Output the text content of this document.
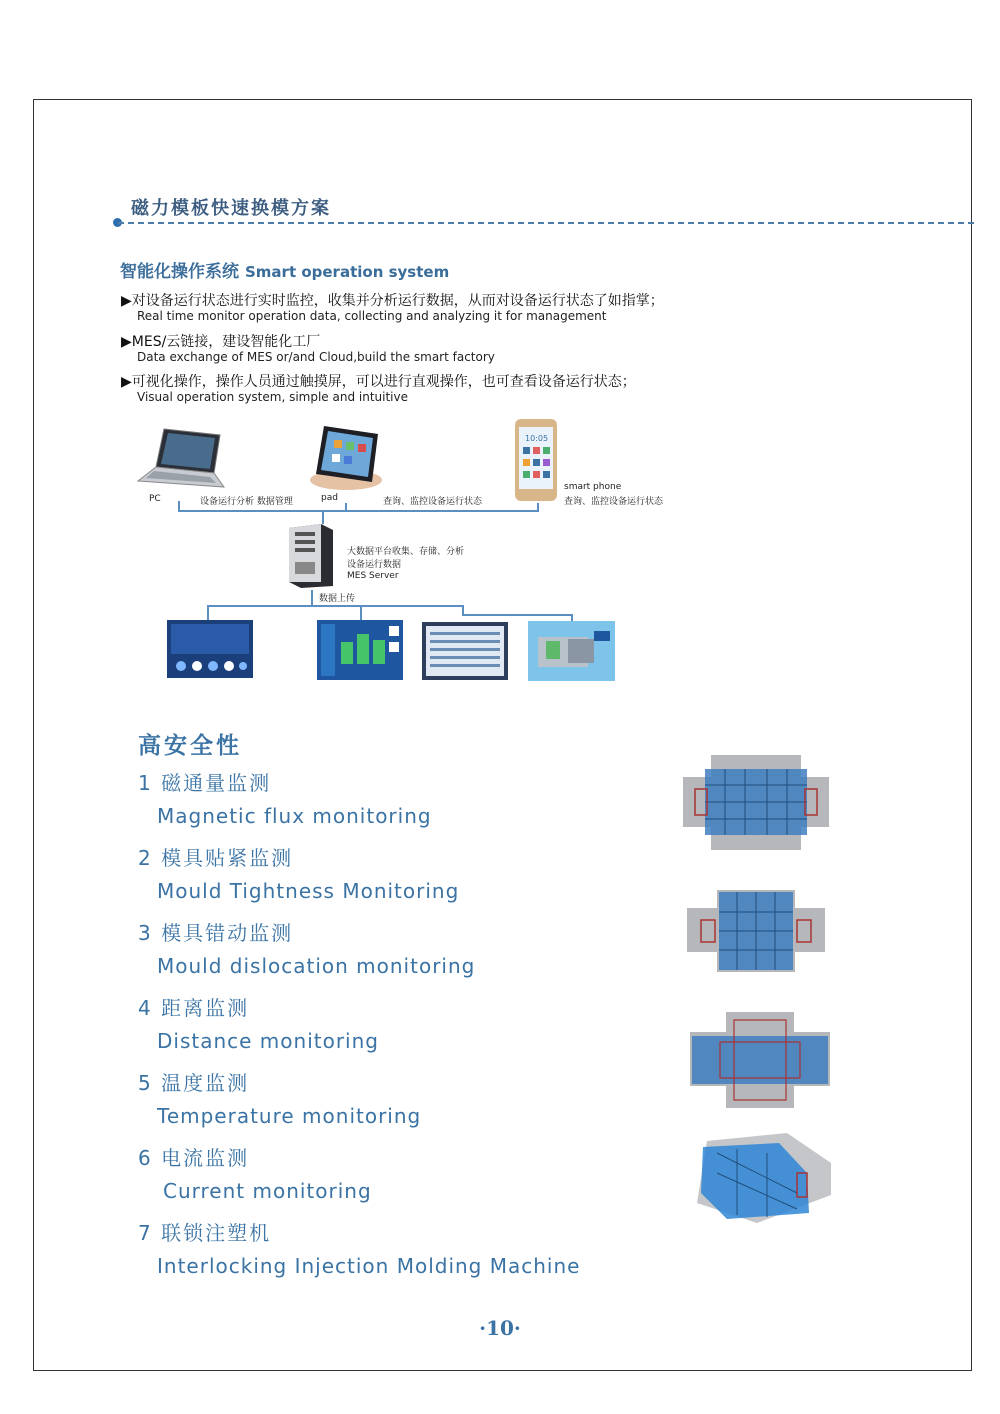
磁力模板快速换模方案
智能化操作系统 Smart operation system
▶对设备运行状态进行实时监控，收集并分析运行数据，从而对设备运行状态了如指掌；
Real time monitor operation data, collecting and analyzing it for management
▶MES/云链接，建设智能化工厂
Data exchange of MES or/and Cloud,build the smart factory
▶可视化操作，操作人员通过触摸屏，可以进行直观操作，也可查看设备运行状态；
Visual operation system, simple and intuitive
10:05
PC	设备运行分析 数据管理	pad	查询、监控设备运行状态
smart phone
查询、监控设备运行状态
大数据平台收集、存储、分析
设备运行数据
MES Server
数据上传
高安全性
1 磁通量监测
Magnetic flux monitoring
2 模具贴紧监测
Mould Tightness Monitoring
3 模具错动监测
Mould dislocation monitoring
4 距离监测
Distance monitoring
5 温度监测
Temperature monitoring
6 电流监测
Current monitoring
7 联锁注塑机
Interlocking Injection Molding Machine
·10·
